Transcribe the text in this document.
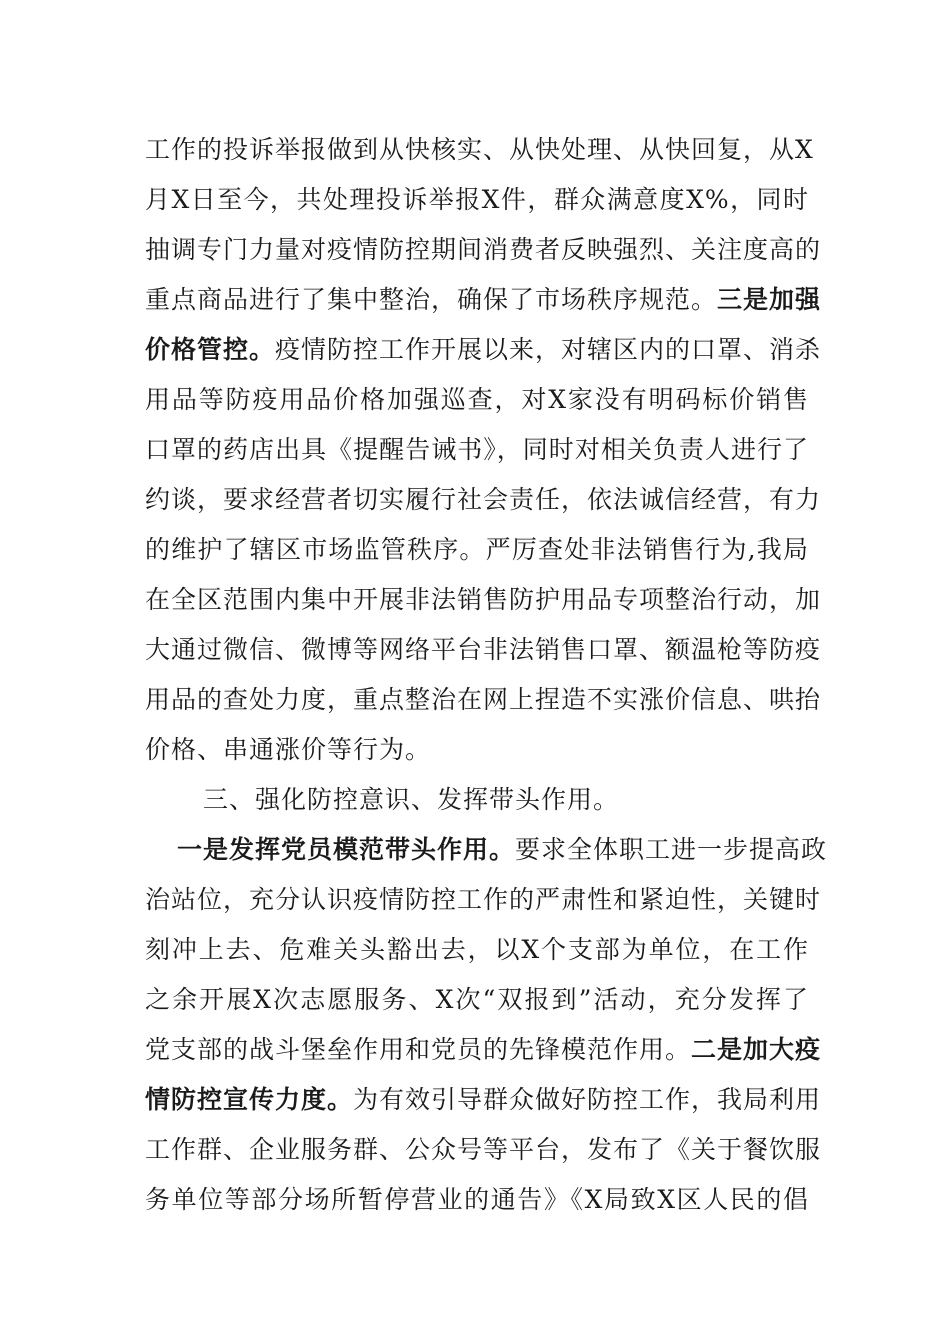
工作的投诉举报做到从快核实、从快处理、从快回复，从X
月X日至今，共处理投诉举报X件，群众满意度X%，同时
抽调专门力量对疫情防控期间消费者反映强烈、关注度高的
重点商品进行了集中整治，确保了市场秩序规范。三是加强
价格管控。疫情防控工作开展以来，对辖区内的口罩、消杀
用品等防疫用品价格加强巡查，对X家没有明码标价销售
口罩的药店出具《提醒告诫书》，同时对相关负责人进行了
约谈，要求经营者切实履行社会责任，依法诚信经营，有力
的维护了辖区市场监管秩序。严厉查处非法销售行为,我局
在全区范围内集中开展非法销售防护用品专项整治行动，加
大通过微信、微博等网络平台非法销售口罩、额温枪等防疫
用品的查处力度，重点整治在网上捏造不实涨价信息、哄抬
价格、串通涨价等行为。
三、强化防控意识、发挥带头作用。
一是发挥党员模范带头作用。要求全体职工进一步提高政
治站位，充分认识疫情防控工作的严肃性和紧迫性，关键时
刻冲上去、危难关头豁出去，以X个支部为单位，在工作
之余开展X次志愿服务、X次“双报到”活动，充分发挥了
党支部的战斗堡垒作用和党员的先锋模范作用。二是加大疫
情防控宣传力度。为有效引导群众做好防控工作，我局利用
工作群、企业服务群、公众号等平台，发布了《关于餐饮服
务单位等部分场所暂停营业的通告》《X局致X区人民的倡
